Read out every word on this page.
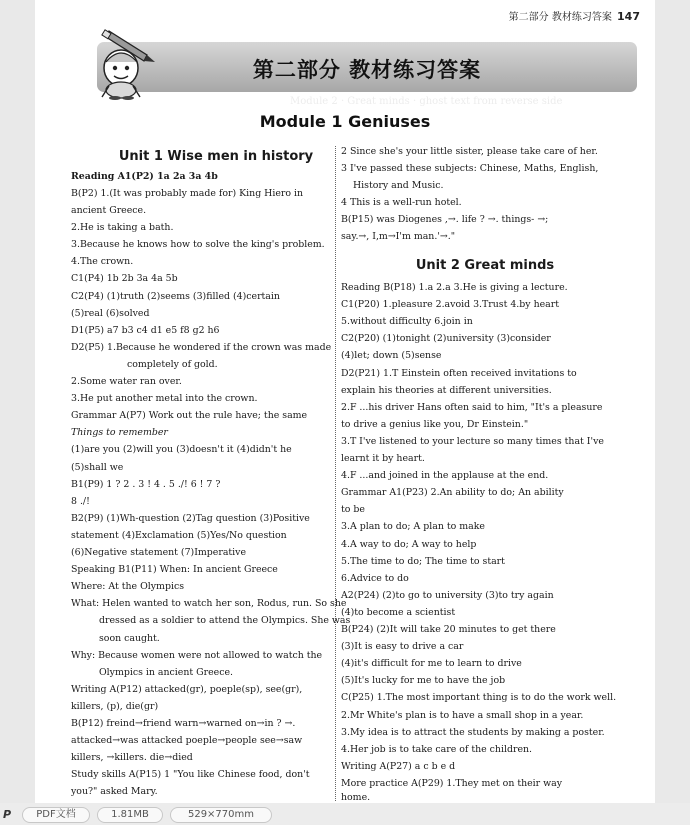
Module 2 · Great minds · ghost text from reverse side
第二部分 教材练习答案 147
第二部分 教材练习答案
Module 1 Geniuses
Unit 1 Wise men in history
Reading A1(P2) 1a 2a 3a 4b
B(P2) 1.(It was probably made for) King Hiero in
ancient Greece.
2.He is taking a bath.
3.Because he knows how to solve the king's problem.
4.The crown.
C1(P4) 1b 2b 3a 4a 5b
C2(P4) (1)truth (2)seems (3)filled (4)certain
(5)real (6)solved
D1(P5) a7 b3 c4 d1 e5 f8 g2 h6
D2(P5) 1.Because he wondered if the crown was made
completely of gold.
2.Some water ran over.
3.He put another metal into the crown.
Grammar A(P7) Work out the rule have; the same
Things to remember
(1)are you (2)will you (3)doesn't it (4)didn't he
(5)shall we
B1(P9) 1 ? 2 . 3 ! 4 . 5 ./! 6 ! 7 ?
8 ./!
B2(P9) (1)Wh-question (2)Tag question (3)Positive
statement (4)Exclamation (5)Yes/No question
(6)Negative statement (7)Imperative
Speaking B1(P11) When: In ancient Greece
Where: At the Olympics
What: Helen wanted to watch her son, Rodus, run. So she
dressed as a soldier to attend the Olympics. She was
soon caught.
Why: Because women were not allowed to watch the
Olympics in ancient Greece.
Writing A(P12) attacked(gr), poeple(sp), see(gr),
killers, (p), die(gr)
B(P12) freind→friend warn→warned on→in ? →.
attacked→was attacked poeple→people see→saw
killers, →killers. die→died
Study skills A(P15) 1 "You like Chinese food, don't
you?" asked Mary.
2 Since she's your little sister, please take care of her.
3 I've passed these subjects: Chinese, Maths, English,
History and Music.
4 This is a well-run hotel.
B(P15) was Diogenes ,→. life ? →. things- →;
say.→, I,m→I'm man.'→."
Unit 2 Great minds
Reading B(P18) 1.a 2.a 3.He is giving a lecture.
C1(P20) 1.pleasure 2.avoid 3.Trust 4.by heart
5.without difficulty 6.join in
C2(P20) (1)tonight (2)university (3)consider
(4)let; down (5)sense
D2(P21) 1.T Einstein often received invitations to
explain his theories at different universities.
2.F ...his driver Hans often said to him, "It's a pleasure
to drive a genius like you, Dr Einstein."
3.T I've listened to your lecture so many times that I've
learnt it by heart.
4.F ...and joined in the applause at the end.
Grammar A1(P23) 2.An ability to do; An ability
to be
3.A plan to do; A plan to make
4.A way to do; A way to help
5.The time to do; The time to start
6.Advice to do
A2(P24) (2)to go to university (3)to try again
(4)to become a scientist
B(P24) (2)It will take 20 minutes to get there
(3)It is easy to drive a car
(4)it's difficult for me to learn to drive
(5)It's lucky for me to have the job
C(P25) 1.The most important thing is to do the work well.
2.Mr White's plan is to have a small shop in a year.
3.My idea is to attract the students by making a poster.
4.Her job is to take care of the children.
Writing A(P27) a c b e d
More practice A(P29) 1.They met on their way
home.
P	PDF文档	1.81MB	529×770mm
